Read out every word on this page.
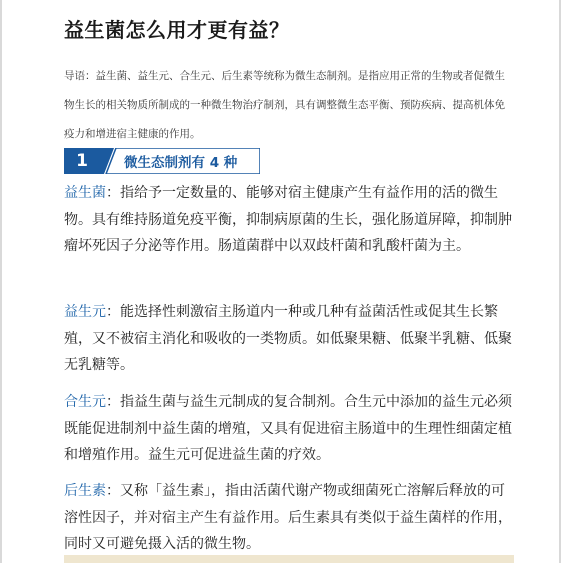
益生菌怎么用才更有益？
导语：益生菌、益生元、合生元、后生素等统称为微生态制剂。是指应用正常的生物或者促微生物生长的相关物质所制成的一种微生物治疗制剂，具有调整微生态平衡、预防疾病、提高机体免疫力和增进宿主健康的作用。
1	微生态制剂有 4 种
益生菌：指给予一定数量的、能够对宿主健康产生有益作用的活的微生物。具有维持肠道免疫平衡，抑制病原菌的生长，强化肠道屏障，抑制肿瘤坏死因子分泌等作用。肠道菌群中以双歧杆菌和乳酸杆菌为主。
益生元：能选择性刺激宿主肠道内一种或几种有益菌活性或促其生长繁殖，又不被宿主消化和吸收的一类物质。如低聚果糖、低聚半乳糖、低聚无乳糖等。
合生元：指益生菌与益生元制成的复合制剂。合生元中添加的益生元必须既能促进制剂中益生菌的增殖，又具有促进宿主肠道中的生理性细菌定植和增殖作用。益生元可促进益生菌的疗效。
后生素：又称「益生素」，指由活菌代谢产物或细菌死亡溶解后释放的可溶性因子，并对宿主产生有益作用。后生素具有类似于益生菌样的作用，同时又可避免摄入活的微生物。
